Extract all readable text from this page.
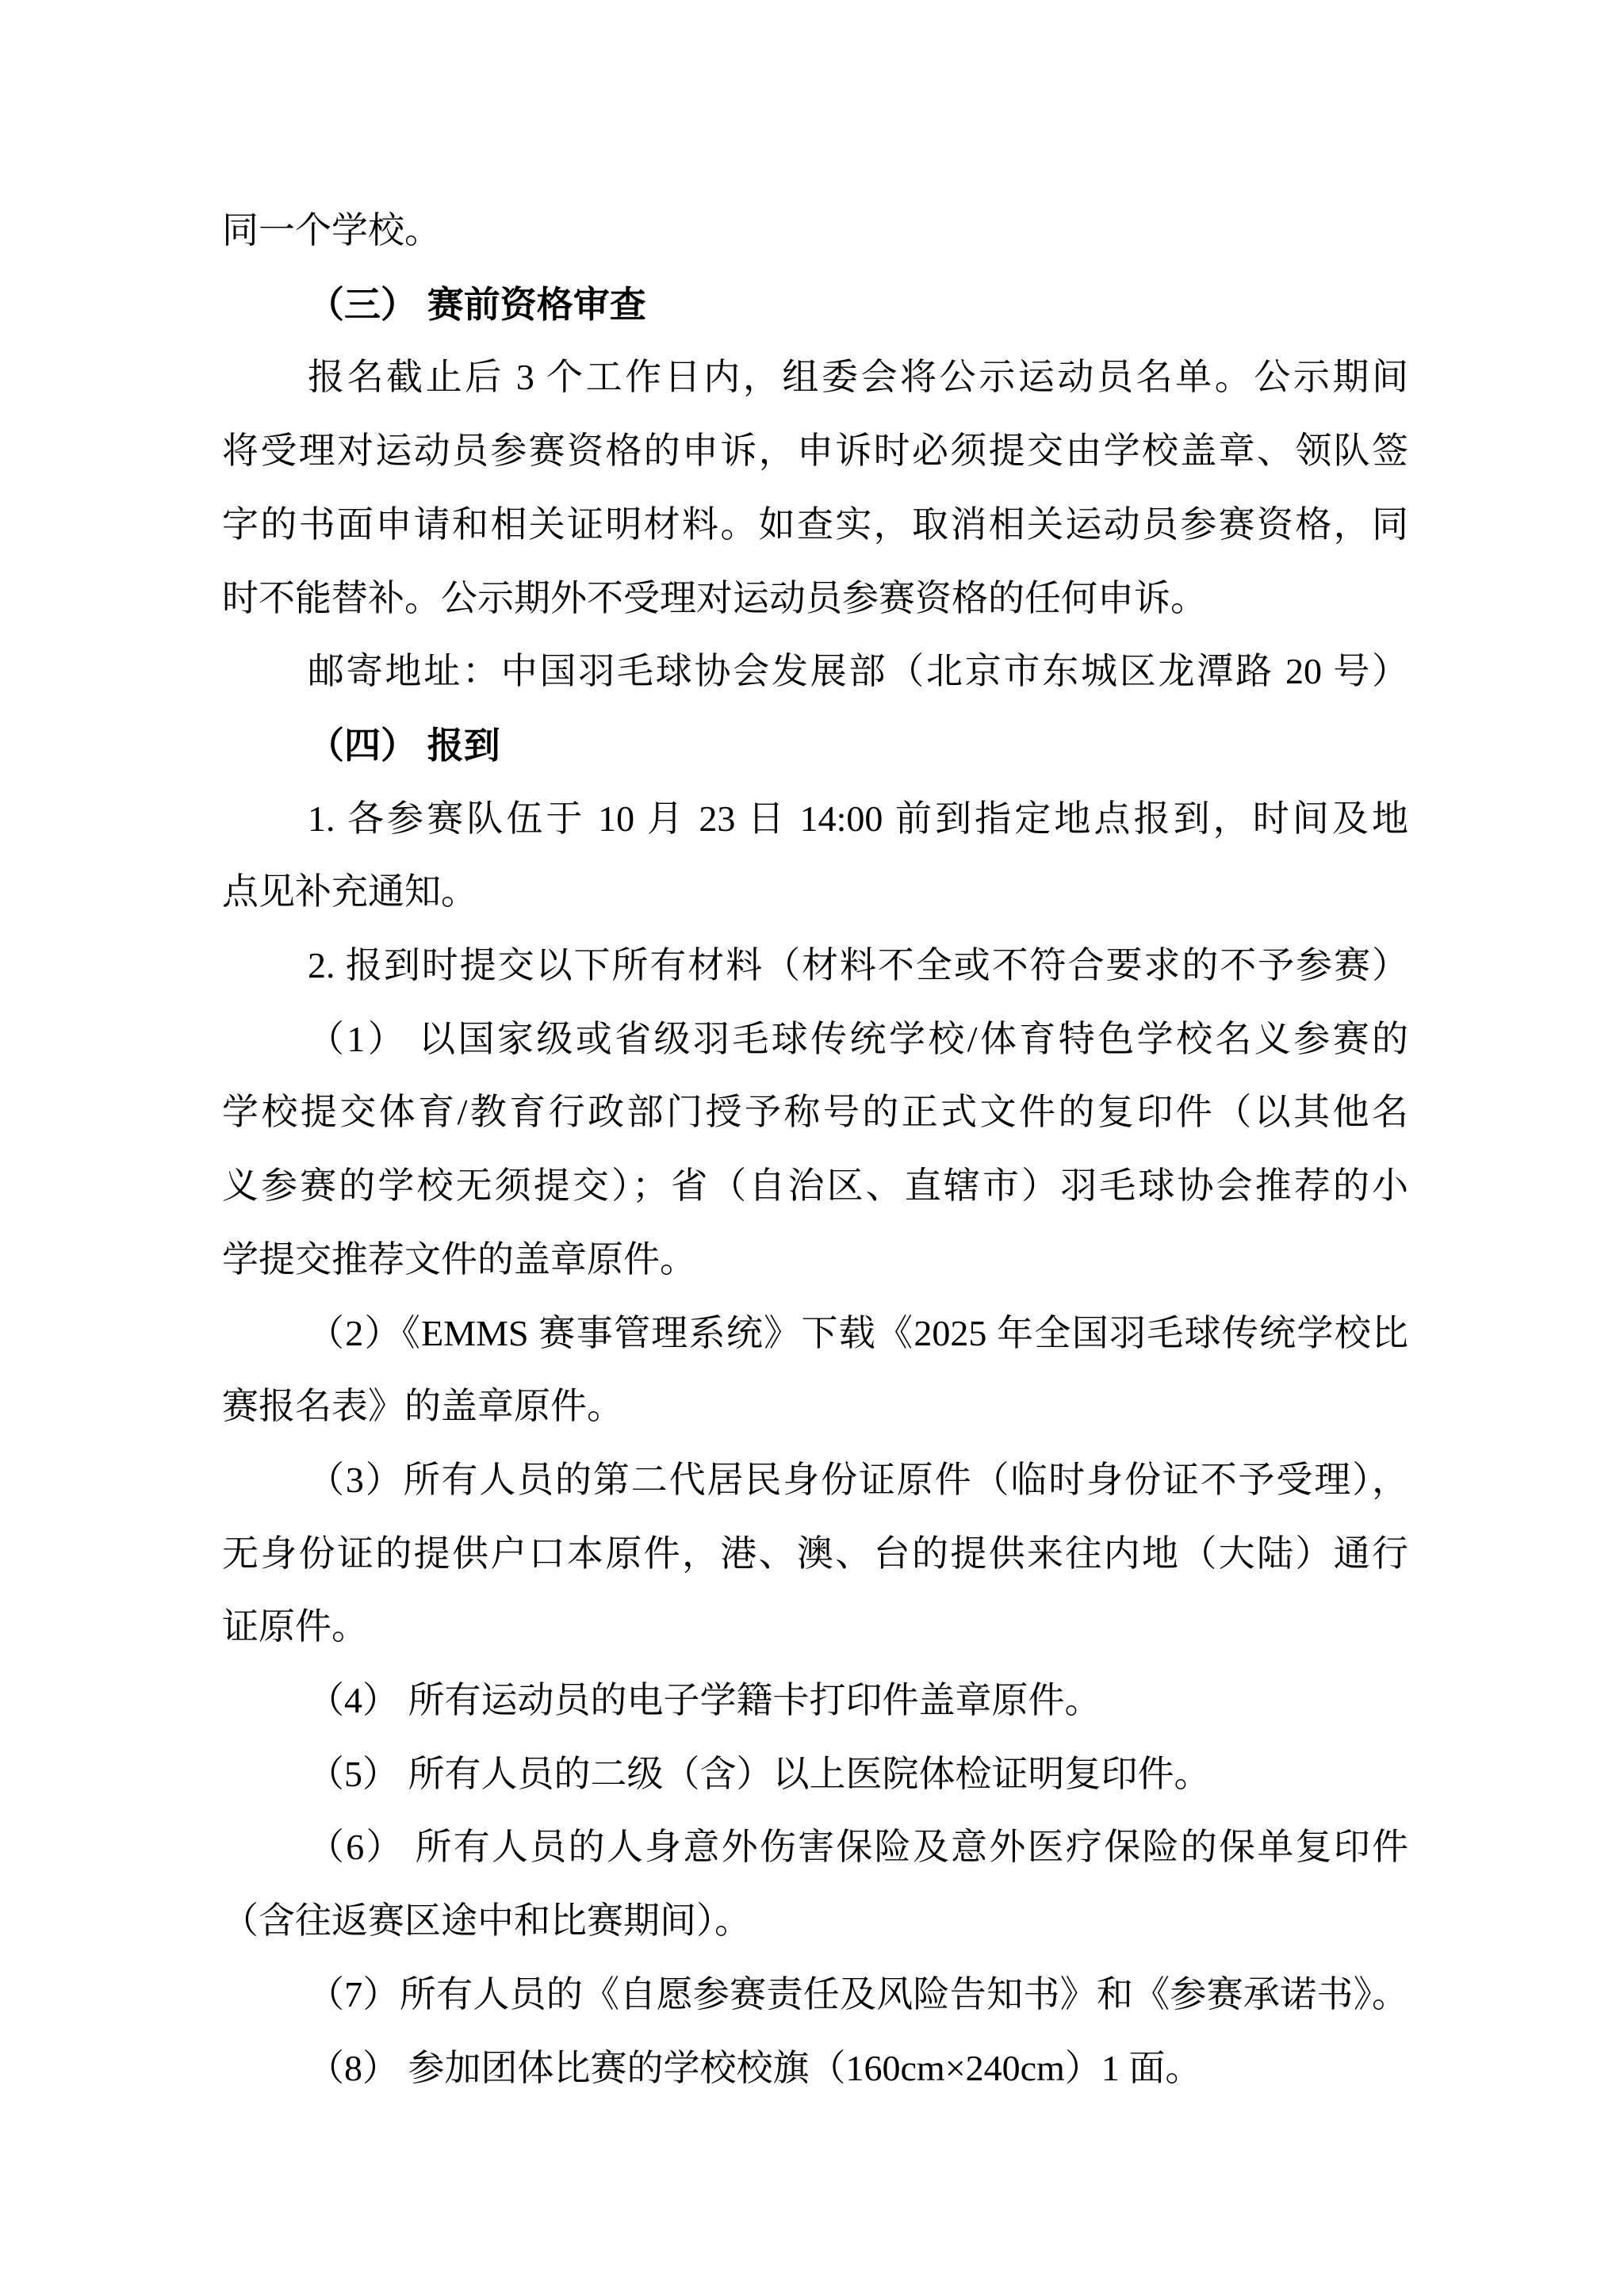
同一个学校。
（三） 赛前资格审查
报名截止后 3 个工作日内，组委会将公示运动员名单。公示期间
将受理对运动员参赛资格的申诉，申诉时必须提交由学校盖章、领队签
字的书面申请和相关证明材料。如查实，取消相关运动员参赛资格，同
时不能替补。公示期外不受理对运动员参赛资格的任何申诉。
邮寄地址：中国羽毛球协会发展部（北京市东城区龙潭路 20 号）
（四） 报到
1. 各参赛队伍于 10 月 23 日 14:00 前到指定地点报到，时间及地
点见补充通知。
2. 报到时提交以下所有材料（材料不全或不符合要求的不予参赛）
（1） 以国家级或省级羽毛球传统学校/体育特色学校名义参赛的
学校提交体育/教育行政部门授予称号的正式文件的复印件（以其他名
义参赛的学校无须提交）；省（自治区、直辖市）羽毛球协会推荐的小
学提交推荐文件的盖章原件。
（2）《EMMS 赛事管理系统》下载《2025 年全国羽毛球传统学校比
赛报名表》的盖章原件。
（3）所有人员的第二代居民身份证原件（临时身份证不予受理），
无身份证的提供户口本原件，港、澳、台的提供来往内地（大陆）通行
证原件。
（4） 所有运动员的电子学籍卡打印件盖章原件。
（5） 所有人员的二级（含）以上医院体检证明复印件。
（6） 所有人员的人身意外伤害保险及意外医疗保险的保单复印件
（含往返赛区途中和比赛期间）。
（7）所有人员的《自愿参赛责任及风险告知书》和《参赛承诺书》。
（8） 参加团体比赛的学校校旗（160cm×240cm）1 面。
